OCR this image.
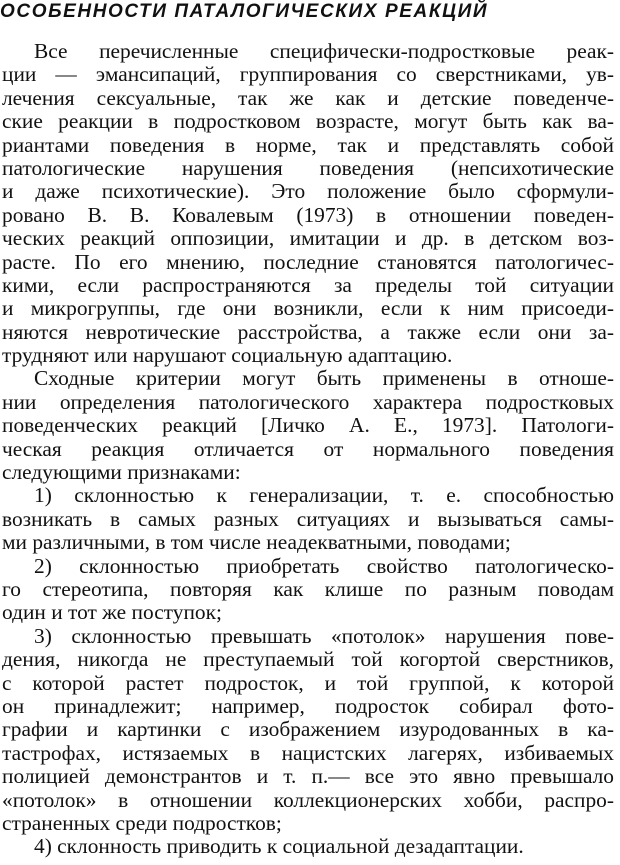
ОСОБЕННОСТИ ПАТАЛОГИЧЕСКИХ РЕАКЦИЙ
Все перечисленные специфически-подростковые реак-
ции — эмансипаций, группирования со сверстниками, ув-
лечения сексуальные, так же как и детские поведенче-
ские реакции в подростковом возрасте, могут быть как ва-
риантами поведения в норме, так и представлять собой
патологические нарушения поведения (непсихотические
и даже психотические). Это положение было сформули-
ровано В. В. Ковалевым (1973) в отношении поведен-
ческих реакций оппозиции, имитации и др. в детском воз-
расте. По его мнению, последние становятся патологичес-
кими, если распространяются за пределы той ситуации
и микрогруппы, где они возникли, если к ним присоеди-
няются невротические расстройства, а также если они за-
трудняют или нарушают социальную адаптацию.
Сходные критерии могут быть применены в отноше-
нии определения патологического характера подростковых
поведенческих реакций [Личко А. Е., 1973]. Патологи-
ческая реакция отличается от нормального поведения
следующими признаками:
1) склонностью к генерализации, т. е. способностью
возникать в самых разных ситуациях и вызываться самы-
ми различными, в том числе неадекватными, поводами;
2) склонностью приобретать свойство патологическо-
го стереотипа, повторяя как клише по разным поводам
один и тот же поступок;
3) склонностью превышать «потолок» нарушения пове-
дения, никогда не преступаемый той когортой сверстников,
с которой растет подросток, и той группой, к которой
он принадлежит; например, подросток собирал фото-
графии и картинки с изображением изуродованных в ка-
тастрофах, истязаемых в нацистских лагерях, избиваемых
полицией демонстрантов и т. п.— все это явно превышало
«потолок» в отношении коллекционерских хобби, распро-
страненных среди подростков;
4) склонность приводить к социальной дезадаптации.
